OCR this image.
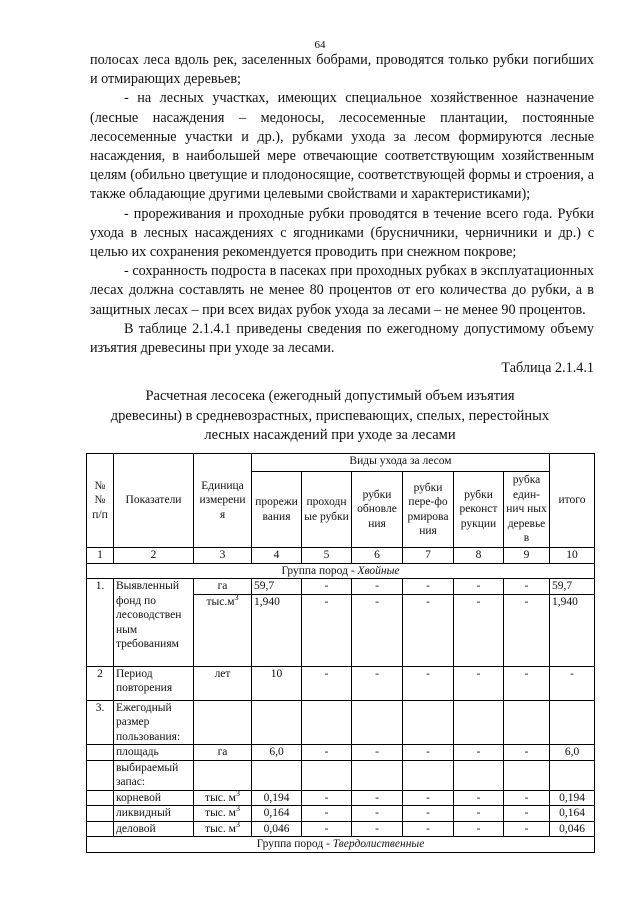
64

полосах леса вдоль рек, заселенных бобрами, проводятся только рубки погибших и отмирающих деревьев;

- на лесных участках, имеющих специальное хозяйственное назначение (лесные насаждения – медоносы, лесосеменные плантации, постоянные лесосеменные участки и др.), рубками ухода за лесом формируются лесные насаждения, в наибольшей мере отвечающие соответствующим хозяйственным целям (обильно цветущие и плодоносящие, соответствующей формы и строения, а также обладающие другими целевыми свойствами и характеристиками);

- прореживания и проходные рубки проводятся в течение всего года. Рубки ухода в лесных насаждениях с ягодниками (брусничники, черничники и др.) с целью их сохранения рекомендуется проводить при снежном покрове;

- сохранность подроста в пасеках при проходных рубках в эксплуатационных лесах должна составлять не менее 80 процентов от его количества до рубки, а в защитных лесах – при всех видах рубок ухода за лесами – не менее 90 процентов.

В таблице 2.1.4.1 приведены сведения по ежегодному допустимому объему изъятия древесины при уходе за лесами.

Таблица 2.1.4.1
Расчетная лесосека (ежегодный допустимый объем изъятия древесины) в средневозрастных, приспевающих, спелых, перестойных лесных насаждений при уходе за лесами
№ № п/п	Показатели	Единица измерени я	Виды ухода за лесом						итого
			прорежи вания	проходн ые рубки	рубки обновле ния	рубки пере-фо рмирова ния	рубки реконст рукции	рубка един-нич ных деревье в	
1	2	3	4	5	6	7	8	9	10
Группа пород - Хвойные									
1.	Выявленный фонд по лесоводствен ным требованиям	га	59,7	-	-	-	-	-	59,7
		$тыс.м^3$	1,940	-	-	-	-	-	1,940
2	Период повторения	лет	10	-	-	-	-	-	-
3.	Ежегодный размер пользования:								
	площадь	га	6,0	-	-	-	-	-	6,0
	выбираемый запас:								
	корневой	тыс. $м^3$	0,194	-	-	-	-	-	0,194
	ликвидный	тыс. $м^3$	0,164	-	-	-	-	-	0,164
	деловой	тыс. $м^3$	0,046	-	-	-	-	-	0,046
Группа пород - Твердолиственные									
